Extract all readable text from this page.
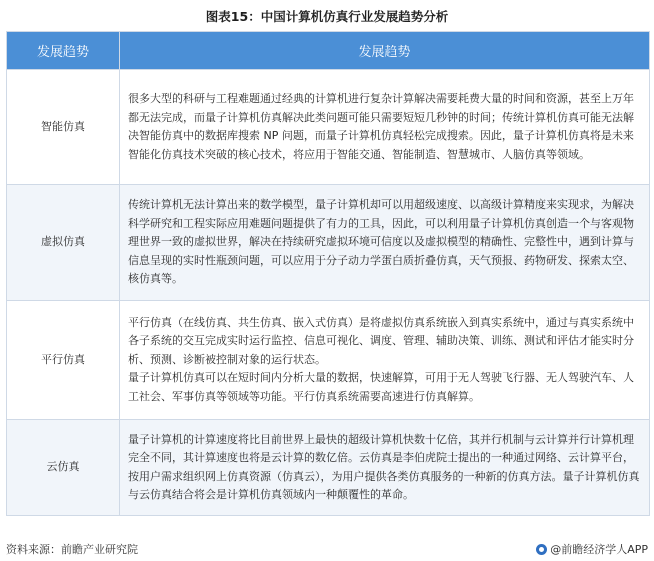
图表15：中国计算机仿真行业发展趋势分析
发展趋势	发展趋势
智能仿真	很多大型的科研与工程难题通过经典的计算机进行复杂计算解决需要耗费大量的时间和资源，甚至上万年都无法完成，而量子计算机仿真解决此类问题可能只需要短短几秒钟的时间；传统计算机仿真可能无法解决智能仿真中的数据库搜索 NP 问题，而量子计算机仿真轻松完成搜索。因此，量子计算机仿真将是未来智能化仿真技术突破的核心技术，将应用于智能交通、智能制造、智慧城市、人脑仿真等领域。
虚拟仿真	传统计算机无法计算出来的数学模型，量子计算机却可以用超级速度、以高级计算精度来实现求，为解决科学研究和工程实际应用难题问题提供了有力的工具，因此，可以利用量子计算机仿真创造一个与客观物理世界一致的虚拟世界，解决在持续研究虚拟环境可信度以及虚拟模型的精确性、完整性中，遇到计算与信息呈现的实时性瓶颈问题，可以应用于分子动力学蛋白质折叠仿真，天气预报、药物研发、探索太空、核仿真等。
平行仿真	平行仿真（在线仿真、共生仿真、嵌入式仿真）是将虚拟仿真系统嵌入到真实系统中，通过与真实系统中各子系统的交互完成实时运行监控、信息可视化、调度、管理、辅助决策、训练、测试和评估才能实时分析、预测、诊断被控制对象的运行状态。
量子计算机仿真可以在短时间内分析大量的数据，快速解算，可用于无人驾驶飞行器、无人驾驶汽车、人工社会、军事仿真等领域等功能。平行仿真系统需要高速进行仿真解算。

云仿真	量子计算机的计算速度将比目前世界上最快的超级计算机快数十亿倍，其并行机制与云计算并行计算机理完全不同，其计算速度也将是云计算的数亿倍。云仿真是李伯虎院士提出的一种通过网络、云计算平台，按用户需求组织网上仿真资源（仿真云），为用户提供各类仿真服务的一种新的仿真方法。量子计算机仿真与云仿真结合将会是计算机仿真领域内一种颠覆性的革命。
资料来源：前瞻产业研究院	@前瞻经济学人APP
